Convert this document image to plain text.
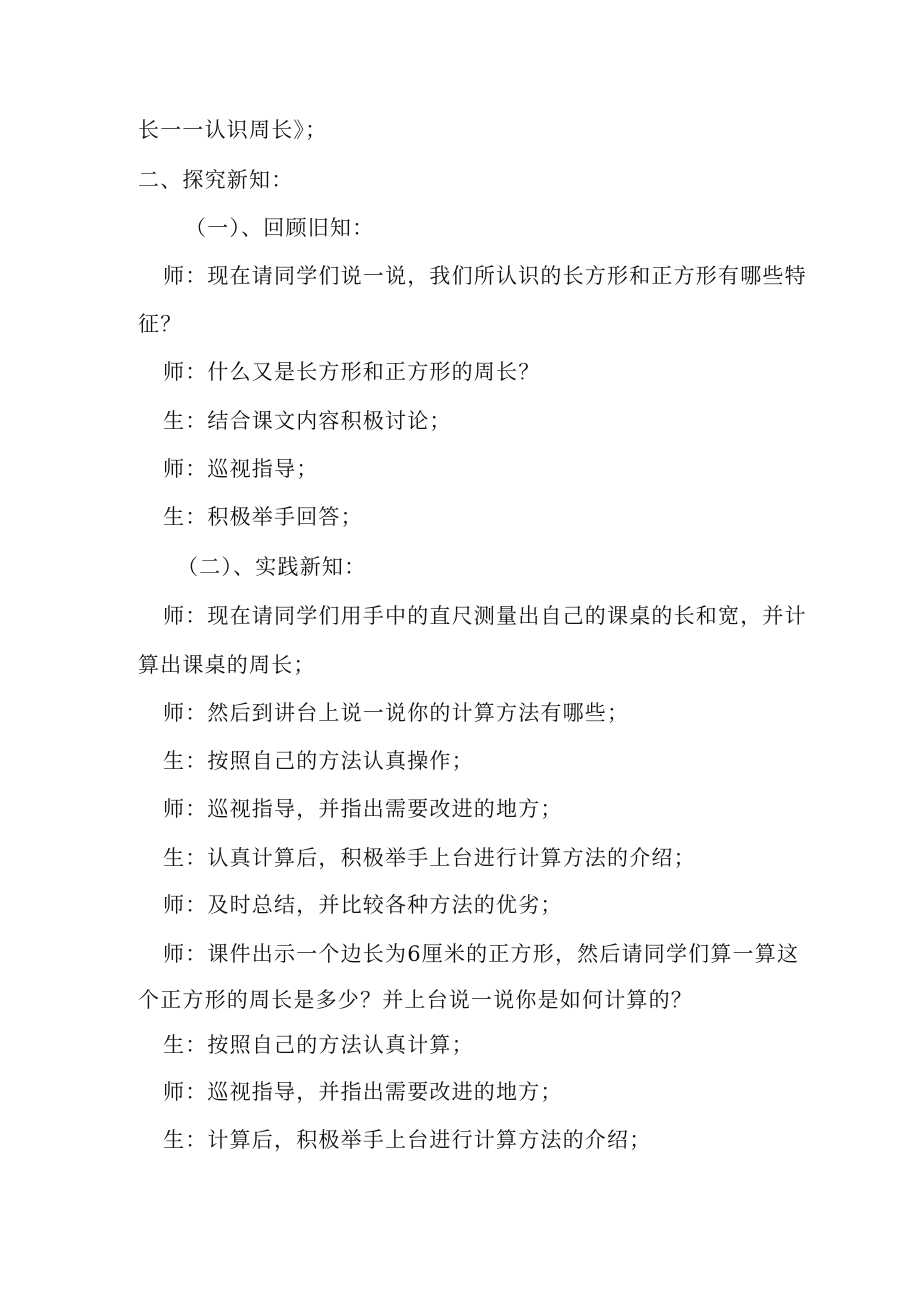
长一一认识周长》；
二、探究新知：
（一）、回顾旧知：
师：现在请同学们说一说，我们所认识的长方形和正方形有哪些特
征？
师：什么又是长方形和正方形的周长？
生：结合课文内容积极讨论；
师：巡视指导；
生：积极举手回答；
（二）、实践新知：
师：现在请同学们用手中的直尺测量出自己的课桌的长和宽，并计
算出课桌的周长；
师：然后到讲台上说一说你的计算方法有哪些；
生：按照自己的方法认真操作；
师：巡视指导，并指出需要改进的地方；
生：认真计算后，积极举手上台进行计算方法的介绍；
师：及时总结，并比较各种方法的优劣；
师：课件出示一个边长为6厘米的正方形，然后请同学们算一算这
个正方形的周长是多少？并上台说一说你是如何计算的？
生：按照自己的方法认真计算；
师：巡视指导，并指出需要改进的地方；
生：计算后，积极举手上台进行计算方法的介绍；
